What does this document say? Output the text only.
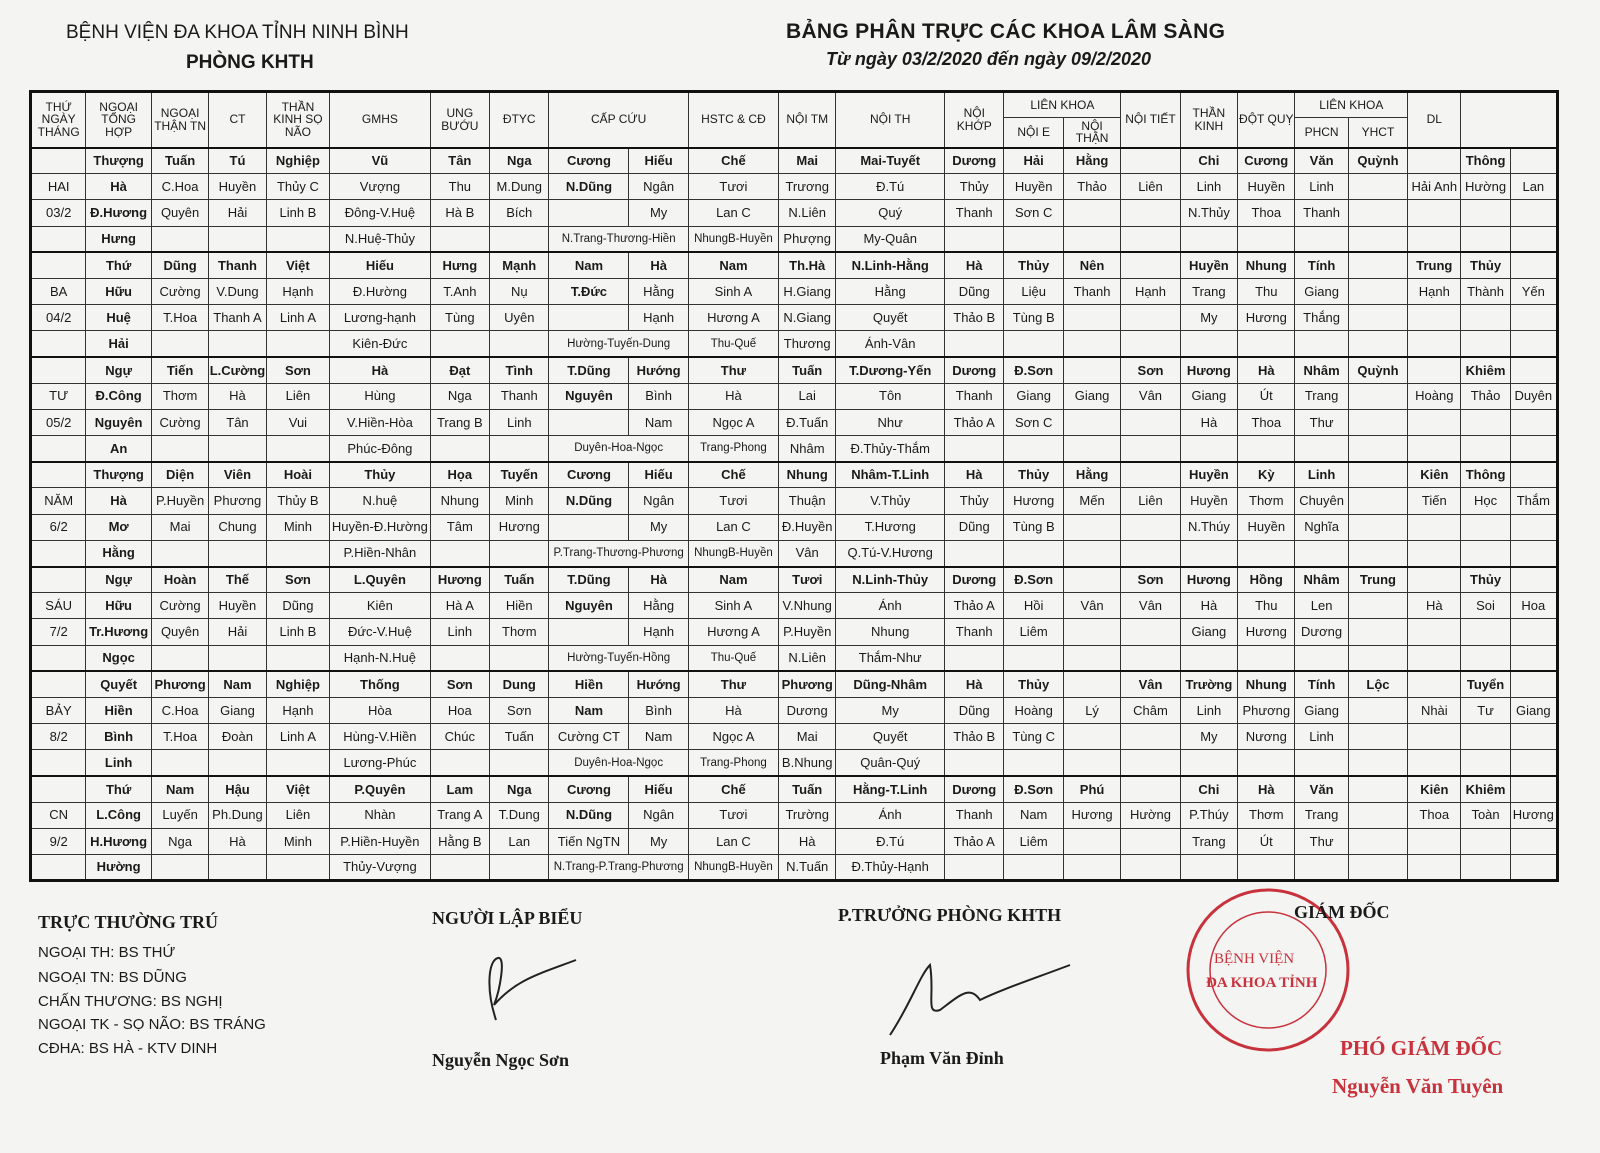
BỆNH VIỆN ĐA KHOA TỈNH NINH BÌNH
PHÒNG KHTH
BẢNG PHÂN TRỰC CÁC KHOA LÂM SÀNG
Từ ngày 03/2/2020 đến ngày 09/2/2020
THỨ NGÀY THÁNG	NGOẠI TỔNG HỢP	NGOẠI THẬN TN	CT	THẦN KINH SỌ NÃO	GMHS	UNG BƯỚU	ĐTYC	CẤP CỨU		HSTC & CĐ	NỘI TM	NỘI TH	NỘI KHỚP	LIÊN KHOA		NỘI TIẾT	THẦN KINH	ĐỘT QUỴ	LIÊN KHOA		DL		
														NỘI E	NỘI THẬN				PHCN	YHCT			
	Thượng	Tuấn	Tú	Nghiệp	Vũ	Tân	Nga	Cương	Hiếu	Chế	Mai	Mai-Tuyết	Dương	Hải	Hằng		Chi	Cương	Văn	Quỳnh		Thông	
HAI	Hà	C.Hoa	Huyền	Thủy C	Vượng	Thu	M.Dung	N.Dũng	Ngân	Tươi	Trương	Đ.Tú	Thủy	Huyền	Thảo	Liên	Linh	Huyền	Linh		Hải Anh	Hường	Lan
03/2	Đ.Hương	Quyên	Hải	Linh B	Đông-V.Huệ	Hà B	Bích		My	Lan C	N.Liên	Quý	Thanh	Sơn C			N.Thủy	Thoa	Thanh				
	Hưng				N.Huệ-Thủy			N.Trang-Thương-Hiền		NhungB-Huyền	Phượng	My-Quân											
	Thứ	Dũng	Thanh	Việt	Hiếu	Hưng	Mạnh	Nam	Hà	Nam	Th.Hà	N.Linh-Hằng	Hà	Thủy	Nên		Huyền	Nhung	Tính		Trung	Thủy	
BA	Hữu	Cường	V.Dung	Hạnh	Đ.Hường	T.Anh	Nụ	T.Đức	Hằng	Sinh A	H.Giang	Hằng	Dũng	Liệu	Thanh	Hạnh	Trang	Thu	Giang		Hạnh	Thành	Yến
04/2	Huệ	T.Hoa	Thanh A	Linh A	Lương-hạnh	Tùng	Uyên		Hạnh	Hương A	N.Giang	Quyết	Thảo B	Tùng B			My	Hương	Thắng				
	Hải				Kiên-Đức			Hường-Tuyến-Dung		Thu-Quế	Thương	Ánh-Vân											
	Ngự	Tiến	L.Cường	Sơn	Hà	Đạt	Tình	T.Dũng	Hướng	Thư	Tuấn	T.Dương-Yến	Dương	Đ.Sơn		Sơn	Hương	Hà	Nhâm	Quỳnh		Khiêm	
TƯ	Đ.Công	Thơm	Hà	Liên	Hùng	Nga	Thanh	Nguyên	Bình	Hà	Lai	Tôn	Thanh	Giang	Giang	Vân	Giang	Út	Trang		Hoàng	Thảo	Duyên
05/2	Nguyên	Cường	Tân	Vui	V.Hiền-Hòa	Trang B	Linh		Nam	Ngọc A	Đ.Tuấn	Như	Thảo A	Sơn C			Hà	Thoa	Thư				
	An				Phúc-Đông			Duyên-Hoa-Ngọc		Trang-Phong	Nhâm	Đ.Thủy-Thắm											
	Thượng	Diện	Viên	Hoài	Thủy	Họa	Tuyến	Cương	Hiếu	Chế	Nhung	Nhâm-T.Linh	Hà	Thủy	Hằng		Huyền	Kỳ	Linh		Kiên	Thông	
NĂM	Hà	P.Huyền	Phương	Thủy B	N.huệ	Nhung	Minh	N.Dũng	Ngân	Tươi	Thuận	V.Thủy	Thủy	Hương	Mến	Liên	Huyền	Thơm	Chuyên		Tiến	Học	Thắm
6/2	Mơ	Mai	Chung	Minh	Huyền-Đ.Hường	Tâm	Hương		My	Lan C	Đ.Huyền	T.Hương	Dũng	Tùng B			N.Thúy	Huyền	Nghĩa				
	Hằng				P.Hiền-Nhân			P.Trang-Thương-Phương		NhungB-Huyền	Vân	Q.Tú-V.Hương											
	Ngự	Hoàn	Thế	Sơn	L.Quyên	Hương	Tuấn	T.Dũng	Hà	Nam	Tươi	N.Linh-Thủy	Dương	Đ.Sơn		Sơn	Hương	Hồng	Nhâm	Trung		Thủy	
SÁU	Hữu	Cường	Huyền	Dũng	Kiên	Hà A	Hiền	Nguyên	Hằng	Sinh A	V.Nhung	Ánh	Thảo A	Hồi	Vân	Vân	Hà	Thu	Len		Hà	Soi	Hoa
7/2	Tr.Hương	Quyên	Hải	Linh B	Đức-V.Huệ	Linh	Thơm		Hạnh	Hương A	P.Huyền	Nhung	Thanh	Liêm			Giang	Hương	Dương				
	Ngọc				Hạnh-N.Huệ			Hường-Tuyến-Hồng		Thu-Quế	N.Liên	Thắm-Như											
	Quyết	Phương	Nam	Nghiệp	Thống	Sơn	Dung	Hiền	Hướng	Thư	Phương	Dũng-Nhâm	Hà	Thủy		Vân	Trường	Nhung	Tính	Lộc		Tuyển	
BẢY	Hiền	C.Hoa	Giang	Hạnh	Hòa	Hoa	Sơn	Nam	Bình	Hà	Dương	My	Dũng	Hoàng	Lý	Châm	Linh	Phương	Giang		Nhài	Tư	Giang
8/2	Bình	T.Hoa	Đoàn	Linh A	Hùng-V.Hiền	Chúc	Tuấn	Cường CT	Nam	Ngọc A	Mai	Quyết	Thảo B	Tùng C			My	Nương	Linh				
	Linh				Lương-Phúc			Duyên-Hoa-Ngọc		Trang-Phong	B.Nhung	Quân-Quý											
	Thứ	Nam	Hậu	Việt	P.Quyên	Lam	Nga	Cương	Hiếu	Chế	Tuấn	Hằng-T.Linh	Dương	Đ.Sơn	Phú		Chi	Hà	Văn		Kiên	Khiêm	
CN	L.Công	Luyến	Ph.Dung	Liên	Nhàn	Trang A	T.Dung	N.Dũng	Ngân	Tươi	Trường	Ánh	Thanh	Nam	Hương	Hường	P.Thúy	Thơm	Trang		Thoa	Toàn	Hương
9/2	H.Hương	Nga	Hà	Minh	P.Hiền-Huyền	Hằng B	Lan	Tiến NgTN	My	Lan C	Hà	Đ.Tú	Thảo A	Liêm			Trang	Út	Thư				
	Hường				Thủy-Vượng			N.Trang-P.Trang-Phương		NhungB-Huyền	N.Tuấn	Đ.Thủy-Hạnh											
TRỰC THƯỜNG TRÚ
NGOẠI TH: BS THỨ
NGOẠI TN: BS DŨNG
CHẤN THƯƠNG: BS NGHỊ
NGOẠI TK - SỌ NÃO: BS TRÁNG
CĐHA: BS HÀ - KTV DINH
NGƯỜI LẬP BIỂU
Nguyễn Ngọc Sơn
P.TRƯỞNG PHÒNG KHTH
Phạm Văn Đỉnh
BỆNH VIỆN
ĐA KHOA TỈNH
GIÁM ĐỐC
PHÓ GIÁM ĐỐC
Nguyễn Văn Tuyên
